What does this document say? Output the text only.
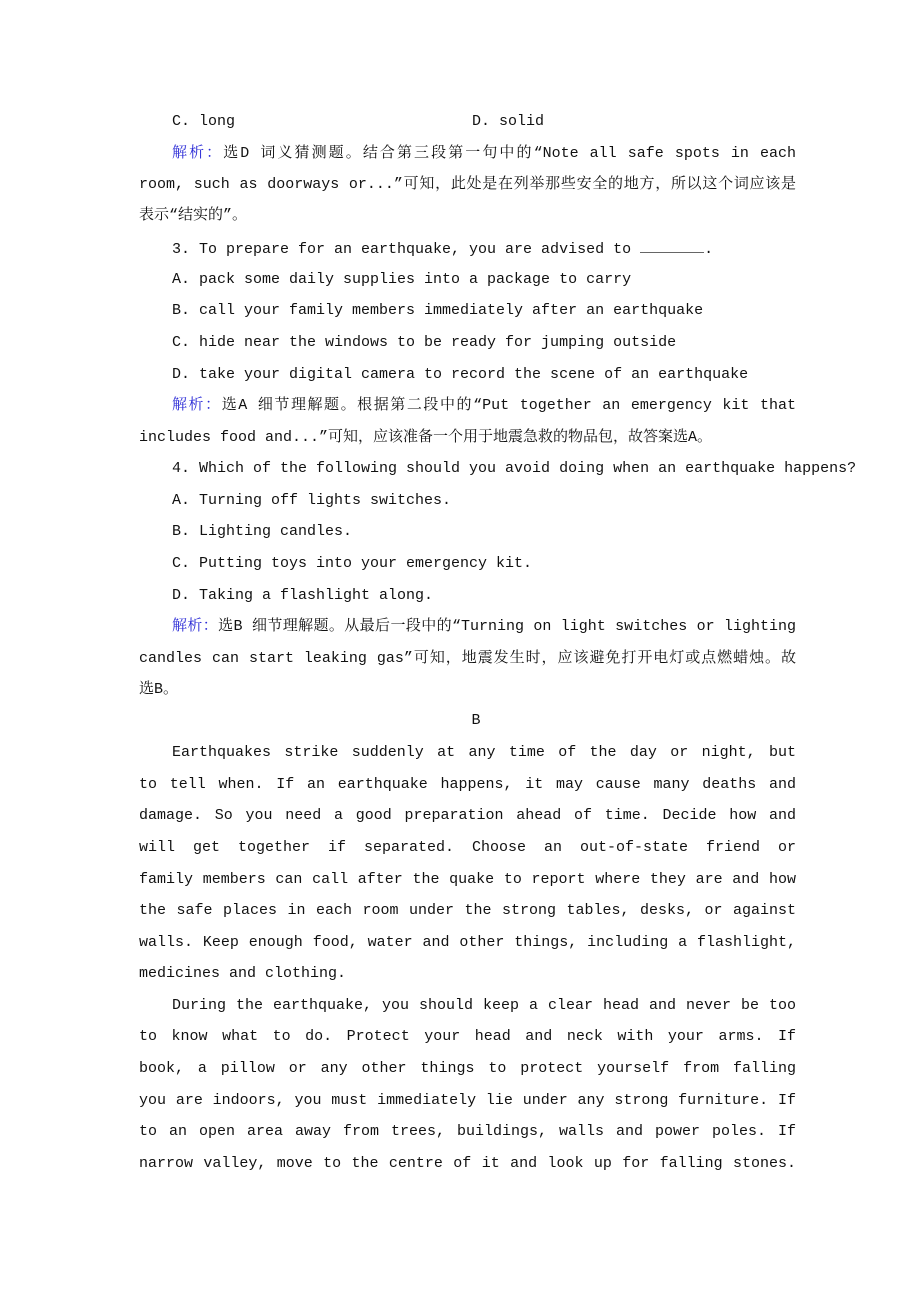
C. long	D. solid
解析：选D 词义猜测题。结合第三段第一句中的“Note all safe spots in each
room, such as doorways or...”可知，此处是在列举那些安全的地方，所以这个词应该是
表示“结实的”。
3. To prepare for an earthquake, you are advised to	.
A. pack some daily supplies into a package to carry
B. call your family members immediately after an earthquake
C. hide near the windows to be ready for jumping outside
D. take your digital camera to record the scene of an earthquake
解析：选A 细节理解题。根据第二段中的“Put together an emergency kit that
includes food and...”可知，应该准备一个用于地震急救的物品包，故答案选A。
4. Which of the following should you avoid doing when an earthquake happens?
A. Turning off lights switches.
B. Lighting candles.
C. Putting toys into your emergency kit.
D. Taking a flashlight along.
解析：选B 细节理解题。从最后一段中的“Turning on light switches or lighting
candles can start leaking gas”可知，地震发生时，应该避免打开电灯或点燃蜡烛。故
选B。
B
Earthquakes strike suddenly at any time of the day or night, but
to tell when. If an earthquake happens, it may cause many deaths and
damage. So you need a good preparation ahead of time. Decide how and
will get together if separated. Choose an out-of-state friend or
family members can call after the quake to report where they are and how
the safe places in each room under the strong tables, desks, or against
walls. Keep enough food, water and other things, including a flashlight,
medicines and clothing.
During the earthquake, you should keep a clear head and never be too
to know what to do. Protect your head and neck with your arms. If
book, a pillow or any other things to protect yourself from falling
you are indoors, you must immediately lie under any strong furniture. If
to an open area away from trees, buildings, walls and power poles. If
narrow valley, move to the centre of it and look up for falling stones.
